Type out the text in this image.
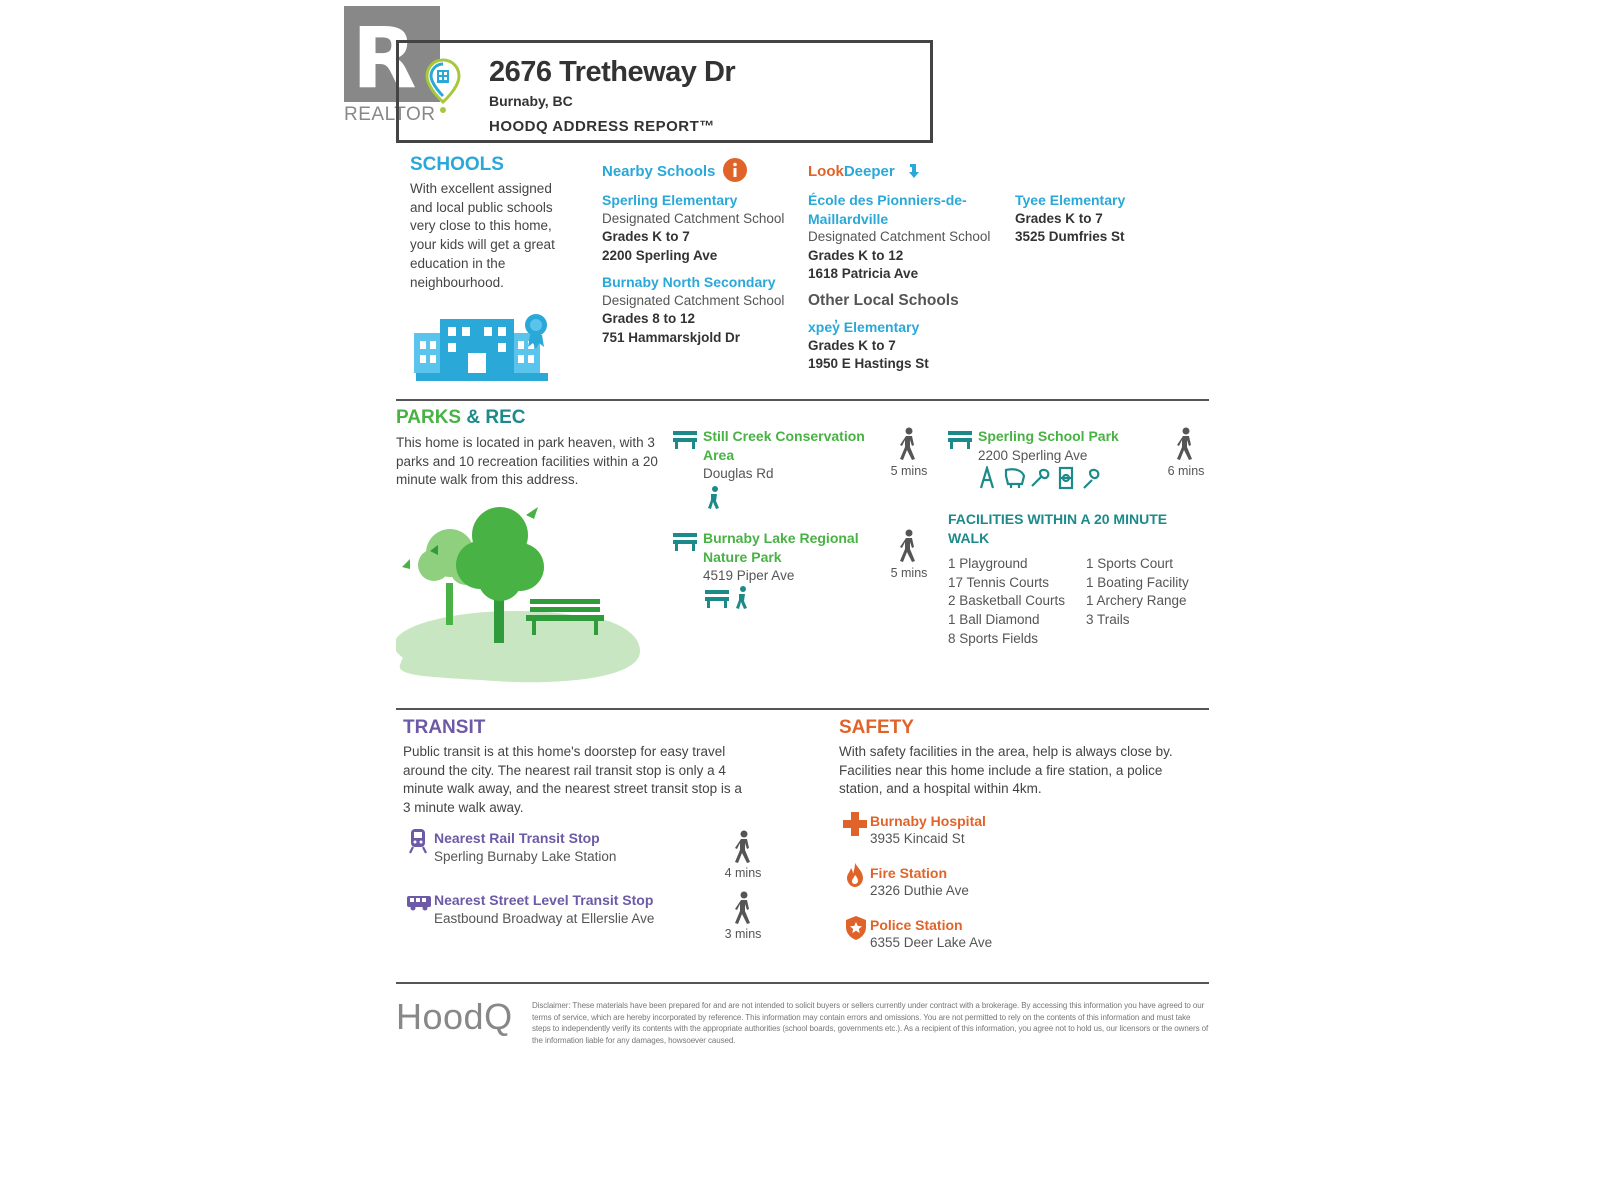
R
REALTOR
2676 Tretheway Dr
Burnaby, BC
HOODQ ADDRESS REPORT™
SCHOOLS
With excellent assigned and local public schools very close to this home, your kids will get a great education in the neighbourhood.
Nearby Schools	LookDeeper
Sperling Elementary
Designated Catchment School
Grades K to 7
2200 Sperling Ave
Burnaby North Secondary
Designated Catchment School
Grades 8 to 12
751 Hammarskjold Dr
École des Pionniers-de-Maillardville
Designated Catchment School
Grades K to 12
1618 Patricia Ave
Tyee Elementary
Grades K to 7
3525 Dumfries St
Other Local Schools
xpey̓ Elementary
Grades K to 7
1950 E Hastings St
PARKS & REC
This home is located in park heaven, with 3 parks and 10 recreation facilities within a 20 minute walk from this address.
Still Creek Conservation Area
Douglas Rd	5 mins
Burnaby Lake Regional Nature Park
4519 Piper Ave	5 mins
Sperling School Park
2200 Sperling Ave
6 mins
FACILITIES WITHIN A 20 MINUTE WALK
1 Playground
17 Tennis Courts
2 Basketball Courts
1 Ball Diamond
8 Sports Fields
1 Sports Court
1 Boating Facility
1 Archery Range
3 Trails
TRANSIT
Public transit is at this home's doorstep for easy travel around the city. The nearest rail transit stop is only a 4 minute walk away, and the nearest street transit stop is a 3 minute walk away.
Nearest Rail Transit Stop
Sperling Burnaby Lake Station
4 mins
Nearest Street Level Transit Stop
Eastbound Broadway at Ellerslie Ave
3 mins
SAFETY
With safety facilities in the area, help is always close by. Facilities near this home include a fire station, a police station, and a hospital within 4km.
Burnaby Hospital
3935 Kincaid St
Fire Station
2326 Duthie Ave
Police Station
6355 Deer Lake Ave
HoodQ Disclaimer: These materials have been prepared for and are not intended to solicit buyers or sellers currently under contract with a brokerage. By accessing this information you have agreed to our terms of service, which are hereby incorporated by reference. This information may contain errors and omissions. You are not permitted to rely on the contents of this information and must take steps to independently verify its contents with the appropriate authorities (school boards, governments etc.). As a recipient of this information, you agree not to hold us, our licensors or the owners of the information liable for any damages, howsoever caused.
